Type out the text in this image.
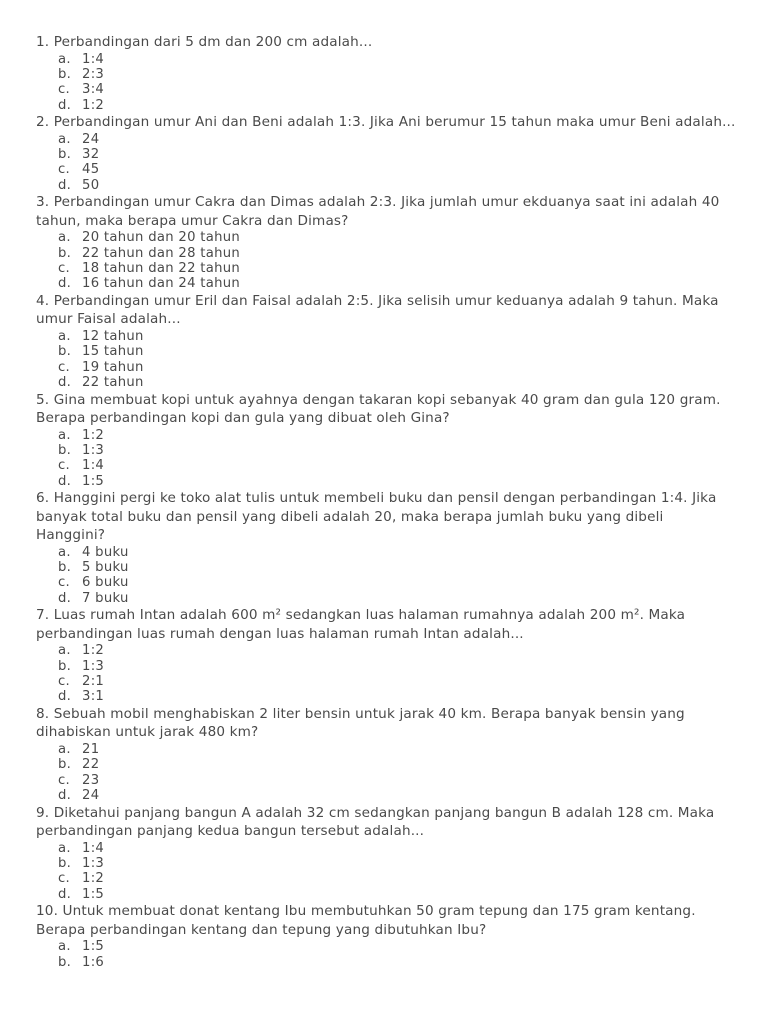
1. Perbandingan dari 5 dm dan 200 cm adalah...

a. 1:4
b. 2:3
c. 3:4
d. 1:2

2. Perbandingan umur Ani dan Beni adalah 1:3. Jika Ani berumur 15 tahun maka umur Beni adalah...

a. 24
b. 32
c. 45
d. 50

3. Perbandingan umur Cakra dan Dimas adalah 2:3. Jika jumlah umur ekduanya saat ini adalah 40 tahun, maka berapa umur Cakra dan Dimas?

a. 20 tahun dan 20 tahun
b. 22 tahun dan 28 tahun
c. 18 tahun dan 22 tahun
d. 16 tahun dan 24 tahun

4. Perbandingan umur Eril dan Faisal adalah 2:5. Jika selisih umur keduanya adalah 9 tahun. Maka umur Faisal adalah...

a. 12 tahun
b. 15 tahun
c. 19 tahun
d. 22 tahun

5. Gina membuat kopi untuk ayahnya dengan takaran kopi sebanyak 40 gram dan gula 120 gram. Berapa perbandingan kopi dan gula yang dibuat oleh Gina?

a. 1:2
b. 1:3
c. 1:4
d. 1:5

6. Hanggini pergi ke toko alat tulis untuk membeli buku dan pensil dengan perbandingan 1:4. Jika banyak total buku dan pensil yang dibeli adalah 20, maka berapa jumlah buku yang dibeli Hanggini?

a. 4 buku
b. 5 buku
c. 6 buku
d. 7 buku

7. Luas rumah Intan adalah 600 m² sedangkan luas halaman rumahnya adalah 200 m². Maka perbandingan luas rumah dengan luas halaman rumah Intan adalah...

a. 1:2
b. 1:3
c. 2:1
d. 3:1

8. Sebuah mobil menghabiskan 2 liter bensin untuk jarak 40 km. Berapa banyak bensin yang dihabiskan untuk jarak 480 km?

a. 21
b. 22
c. 23
d. 24

9. Diketahui panjang bangun A adalah 32 cm sedangkan panjang bangun B adalah 128 cm. Maka perbandingan panjang kedua bangun tersebut adalah...

a. 1:4
b. 1:3
c. 1:2
d. 1:5

10. Untuk membuat donat kentang Ibu membutuhkan 50 gram tepung dan 175 gram kentang. Berapa perbandingan kentang dan tepung yang dibutuhkan Ibu?

a. 1:5
b. 1:6
